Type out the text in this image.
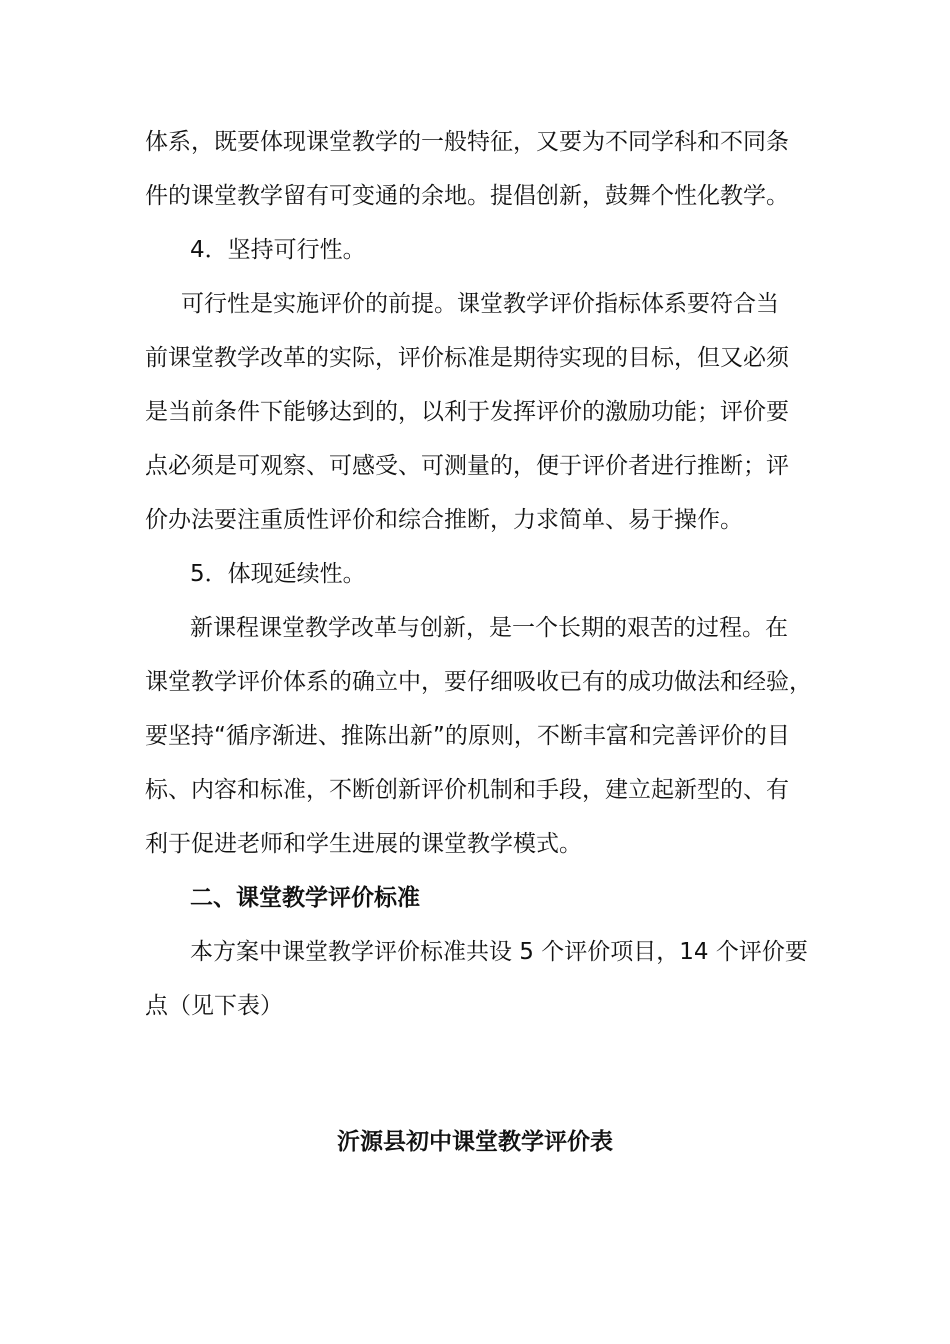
体系，既要体现课堂教学的一般特征，又要为不同学科和不同条
件的课堂教学留有可变通的余地。提倡创新，鼓舞个性化教学。
4．坚持可行性。
可行性是实施评价的前提。课堂教学评价指标体系要符合当
前课堂教学改革的实际，评价标准是期待实现的目标，但又必须
是当前条件下能够达到的，以利于发挥评价的激励功能；评价要
点必须是可观察、可感受、可测量的，便于评价者进行推断；评
价办法要注重质性评价和综合推断，力求简单、易于操作。
5．体现延续性。
新课程课堂教学改革与创新，是一个长期的艰苦的过程。在
课堂教学评价体系的确立中，要仔细吸收已有的成功做法和经验，
要坚持“循序渐进、推陈出新”的原则，不断丰富和完善评价的目
标、内容和标准，不断创新评价机制和手段，建立起新型的、有
利于促进老师和学生进展的课堂教学模式。
二、课堂教学评价标准
本方案中课堂教学评价标准共设 5 个评价项目，14 个评价要
点（见下表）
沂源县初中课堂教学评价表
